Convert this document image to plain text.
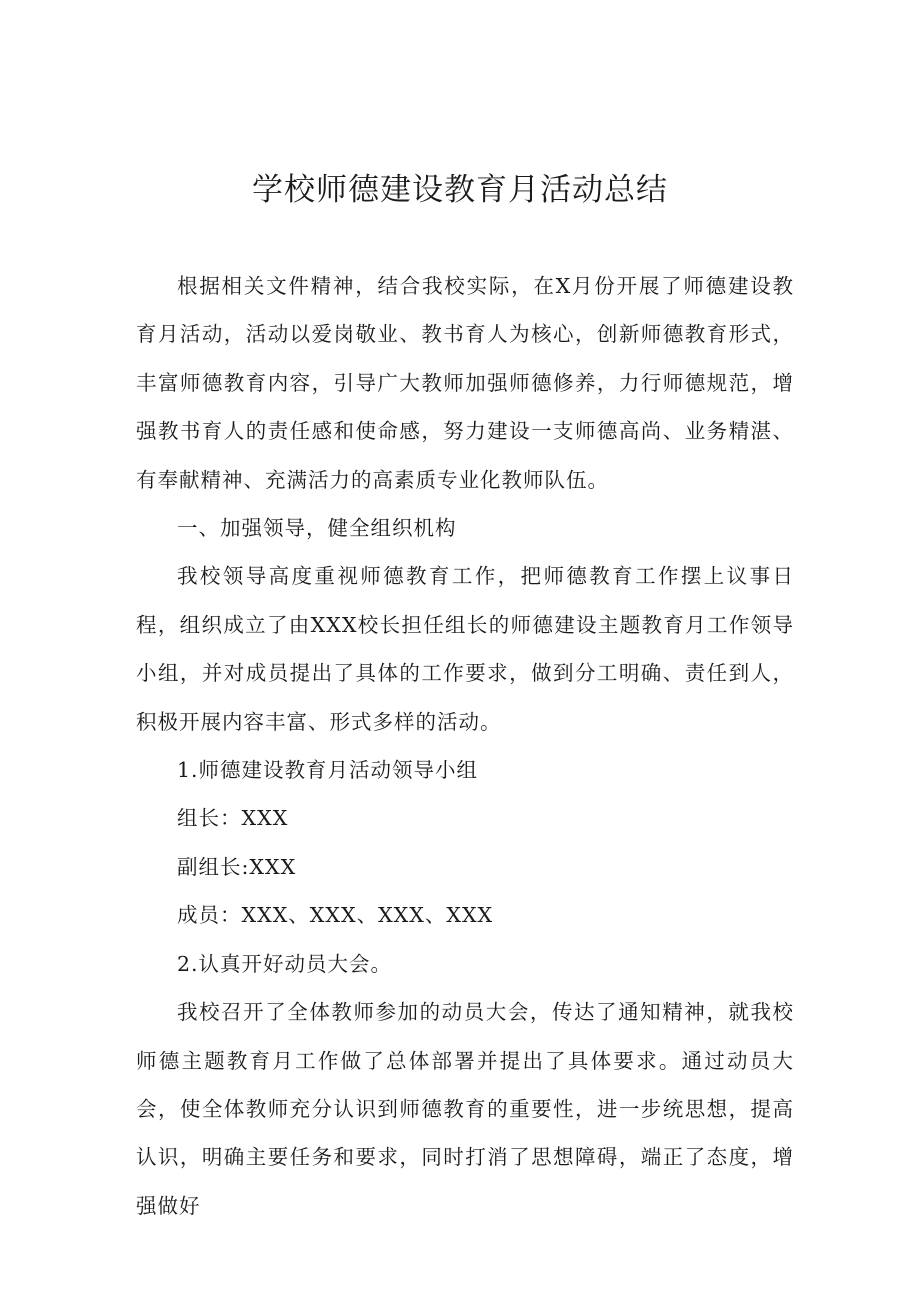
学校师德建设教育月活动总结

根据相关文件精神，结合我校实际，在X月份开展了师德建设教育月活动，活动以爱岗敬业、教书育人为核心，创新师德教育形式，丰富师德教育内容，引导广大教师加强师德修养，力行师德规范，增强教书育人的责任感和使命感，努力建设一支师德高尚、业务精湛、有奉献精神、充满活力的高素质专业化教师队伍。

一、加强领导，健全组织机构

我校领导高度重视师德教育工作，把师德教育工作摆上议事日程，组织成立了由XXX校长担任组长的师德建设主题教育月工作领导小组，并对成员提出了具体的工作要求，做到分工明确、责任到人，积极开展内容丰富、形式多样的活动。

1.师德建设教育月活动领导小组

组长：XXX

副组长:XXX

成员：XXX、XXX、XXX、XXX

2.认真开好动员大会。

我校召开了全体教师参加的动员大会，传达了通知精神，就我校师德主题教育月工作做了总体部署并提出了具体要求。通过动员大会，使全体教师充分认识到师德教育的重要性，进一步统思想，提高认识，明确主要任务和要求，同时打消了思想障碍，端正了态度，增强做好
